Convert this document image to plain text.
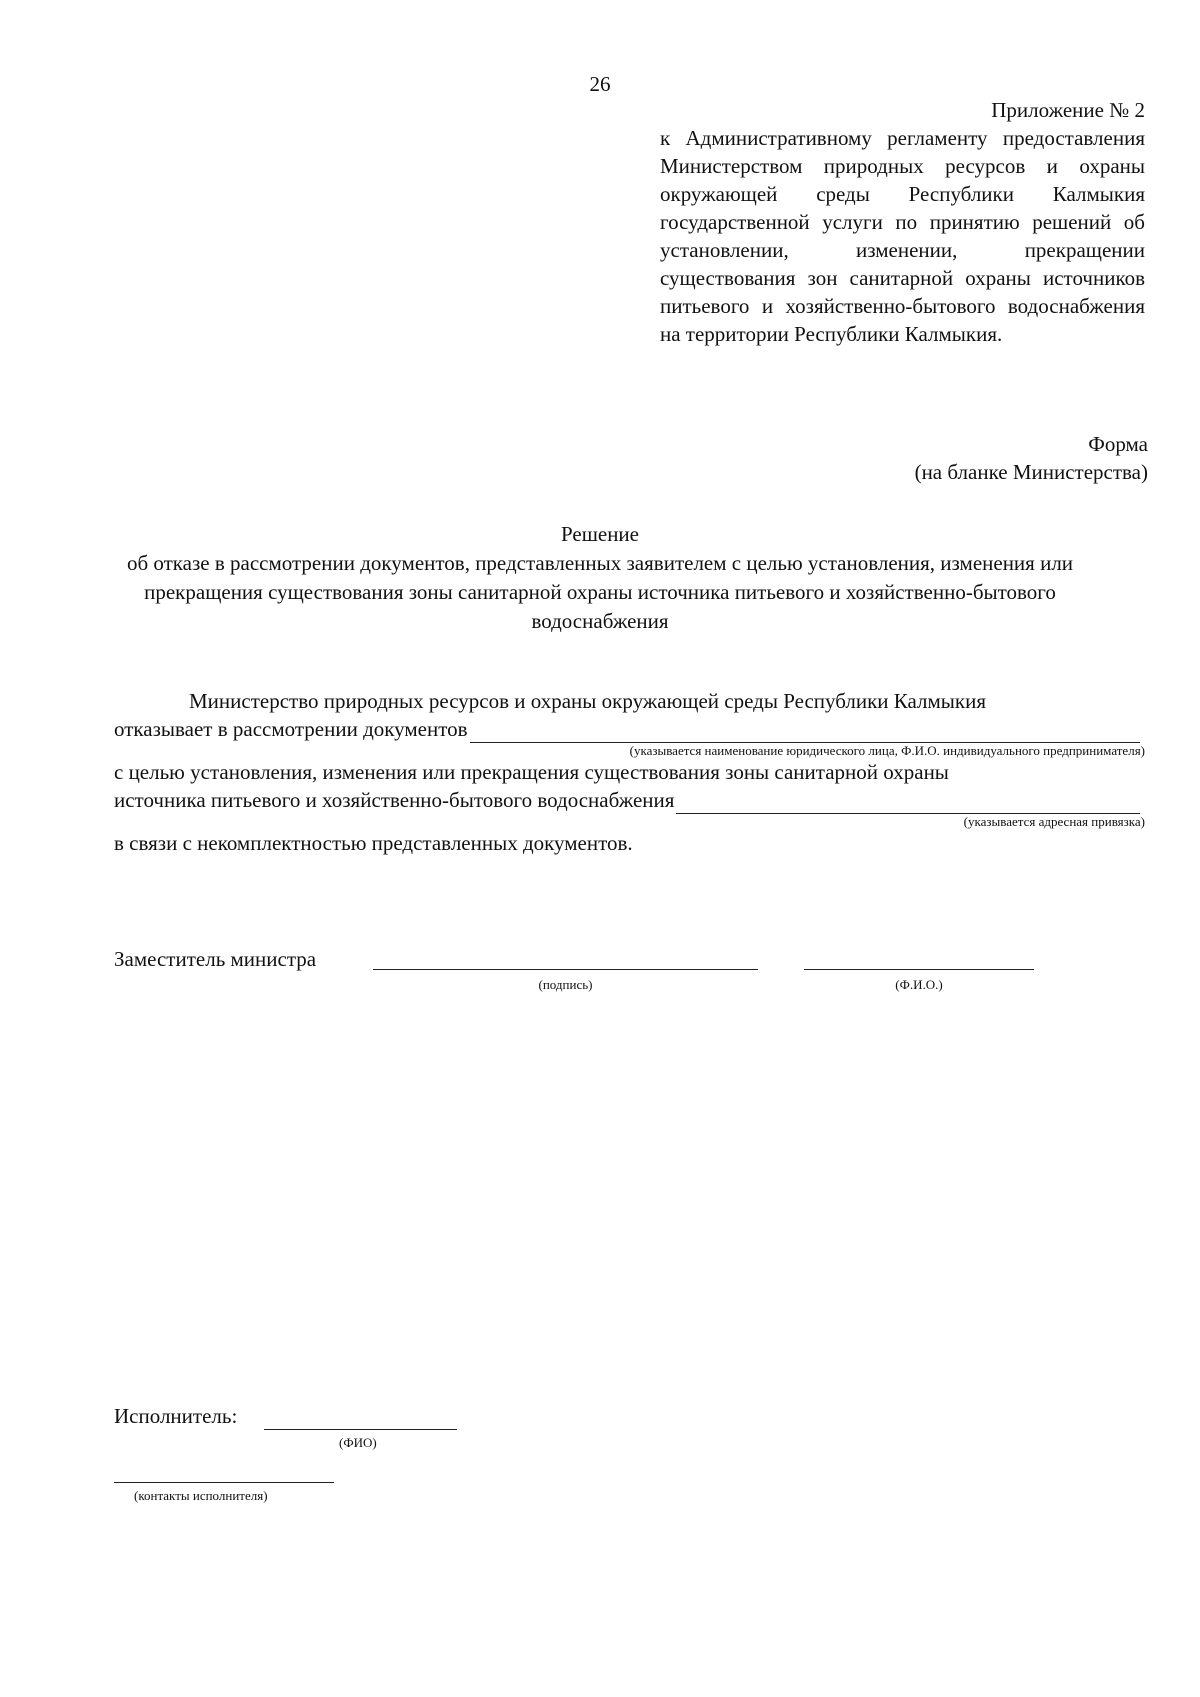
26
Приложение № 2
к Административному регламенту предоставления Министерством природных ресурсов и охраны окружающей среды Республики Калмыкия государственной услуги по принятию решений об установлении, изменении, прекращении существования зон санитарной охраны источников питьевого и хозяйственно-бытового водоснабжения на территории Республики Калмыкия.
Форма
(на бланке Министерства)
Решение
об отказе в рассмотрении документов, представленных заявителем с целью установления, изменения или прекращения существования зоны санитарной охраны источника питьевого и хозяйственно-бытового водоснабжения
Министерство природных ресурсов и охраны окружающей среды Республики Калмыкия
отказывает в рассмотрении документов
(указывается наименование юридического лица, Ф.И.О. индивидуального предпринимателя)
с целью установления, изменения или прекращения существования зоны санитарной охраны
источника питьевого и хозяйственно-бытового водоснабжения
(указывается адресная привязка)
в связи с некомплектностью представленных документов.
Заместитель министра
(подпись)	(Ф.И.О.)
Исполнитель:
(ФИО)
(контакты исполнителя)
